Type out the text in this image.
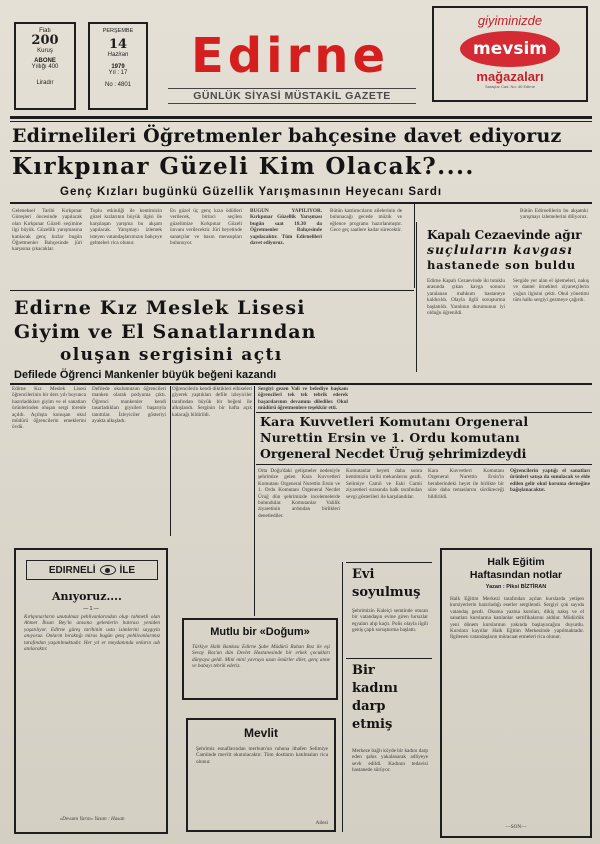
Fiatı
200
Kuruş
ABONE
Yıllığı 400
Liradır
PERŞEMBE
14
Haziran
1979
Yıl : 17
No : 4801
Edirne
GÜNLÜK SİYASİ MÜSTAKİL GAZETE
giyiminizde
mevsim
mağazaları
Saraçlar Cad. No: 40 Edirne
Edirnelileri Öğretmenler bahçesine davet ediyoruz
Kırkpınar Güzeli Kim Olacak?....
Genç Kızları bugünkü Güzellik Yarışmasının Heyecanı Sardı
Geleneksel Tarihi Kırkpınar Güreşleri öncesinde yapılacak olan Kırkpınar Güzeli seçimine ilgi büyük. Güzellik yarışmasına katılacak genç kızlar bugün Öğretmenler Bahçesinde jüri karşısına çıkacaklar.
Toplu etkinliği ile kentimizin güzel kızlarının büyük ilgisi ile karşılaşan yarışma bu akşam yapılacak. Yarışmayı izlemek isteyen vatandaşlarımızın bahçeye gelmeleri rica olunur.
En güzel üç genç kıza ödülleri verilecek, birinci seçilen güzelimize Kırkpınar Güzeli ünvanı verilecektir. Jüri heyetinde sanatçılar ve basın mensupları bulunuyor.
BUGÜN YAPILIYOR. Kırkpınar Güzellik Yarışması bugün saat 18.30 da Öğretmenler Bahçesinde yapılacaktır. Tüm Edirnelileri davet ediyoruz.
Bütün katılımcıların ailelerinin de bulunacağı gecede müzik ve eğlence programı hazırlanmıştır. Gece geç saatlere kadar sürecektir.
Bütün Edirnelilerin bu akşamki yarışmayı izlemelerini diliyoruz.
Kapalı Cezaevinde ağır
suçluların kavgası
hastanede son buldu
Edirne Kapalı Cezaevinde iki tutuklu arasında çıkan kavga sonucu yaralanan mahkum hastaneye kaldırıldı. Olayla ilgili soruşturma başlatıldı. Yaralının durumunun iyi olduğu öğrenildi.
Sergide yer alan el işlemeleri, nakış ve dantel örnekleri ziyaretçilerin yoğun ilgisini çekti. Okul yönetimi tüm halkı sergiyi gezmeye çağırdı.
Edirne Kız Meslek Lisesi
Giyim ve El Sanatlarından
oluşan sergisini açtı
Defilede Öğrenci Mankenler büyük beğeni kazandı
Edirne Kız Meslek Lisesi öğrencilerinin bir ders yılı boyunca hazırladıkları giyim ve el sanatları ürünlerinden oluşan sergi törenle açıldı. Açılışta konuşan okul müdürü öğrencilerin emeklerini övdü.
Defilede okulumuzun öğrencileri manken olarak podyuma çıktı. Öğrenci mankenler kendi tasarladıkları giysileri başarıyla tanıttılar. İzleyiciler gösteriyi ayakta alkışladı.
Öğrencilerin kendi diktikleri elbiseleri giyerek yaptıkları defile izleyiciler tarafından büyük bir beğeni ile alkışlandı. Serginin bir hafta açık kalacağı bildirildi.
Sergiyi gezen Vali ve belediye başkanı öğrencileri tek tek tebrik ederek başarılarının devamını dilediler. Okul müdürü öğretmenlere teşekkür etti.
Kara Kuvvetleri Komutanı Orgeneral
Nurettin Ersin ve 1. Ordu komutanı
Orgeneral Necdet Üruğ şehrimizdeydi
Orta Doğu'daki gelişmeler nedeniyle şehrimize gelen Kara Kuvvetleri Komutanı Orgeneral Nurettin Ersin ve 1. Ordu Komutanı Orgeneral Necdet Üruğ dün şehrimizde incelemelerde bulundular. Komutanlar Valilik ziyaretinin ardından birlikleri denetlediler.
Komutanlar heyeti daha sonra kentimizin tarihi mekanlarını gezdi. Selimiye Camii ve Eski Camii ziyaretleri sırasında halk tarafından sevgi gösterileri ile karşılandılar.
Kara Kuvvetleri Komutanı Orgeneral Nurettin Ersin'in beraberindeki heyet ile birlikte bir süre daha temaslarını sürdüreceği bildirildi.
Öğrencilerin yaptığı el sanatları ürünleri satışa da sunulacak ve elde edilen gelir okul koruma derneğine bağışlanacaktır.
EDIRNELİ İLE
Anıyoruz....
— 1 —
Kırkpınarların unutulmaz pehlivanlarından olup rahmetli olan Ahmet İhsan Bey'in anısına gelenlerin hatırası yeniden yaşatılıyor. Edirne güreş tarihinin usta isimlerini saygıyla anıyoruz. Onların bıraktığı miras bugün genç pehlivanlarımız tarafından yaşatılmaktadır. Her yıl er meydanında onların adı anılacaktır.
«Devamı Yarın» Yazan : Hasan
Mutlu bir «Doğum»
Türkiye Halk Bankası Edirne Şube Müdürü Ruhan Boz ile eşi Sevay Boz'un dün Devlet Hastanesinde bir erkek çocukları dünyaya geldi. Mini mini yavruya uzun ömürler diler, genç anne ve babayı tebrik ederiz.
Mevlit
Şehrimiz esnaflarından merhum'un ruhuna ithafen Selimiye Camiinde mevlit okutulacaktır. Tüm dostların katılmaları rica olunur.
Ailesi
Evi soyulmuş
Şehrimizin Kaleiçi semtinde oturan bir vatandaşın evine giren hırsızlar eşyaları alıp kaçtı. Polis olayla ilgili geniş çaplı soruşturma başlattı.
Bir kadını darp etmiş
Merkeze bağlı köyde bir kadını darp eden şahıs yakalanarak adliyeye sevk edildi. Kadının tedavisi hastanede sürüyor.
Halk Eğitim
Haftasından notlar
Yazan : Piksi BİZTİRAN
Halk Eğitim Merkezi tarafından açılan kurslarda yetişen kursiyerlerin hazırladığı eserler sergilendi. Sergiyi çok sayıda vatandaş gezdi. Okuma yazma kursları, dikiş nakış ve el sanatları kurslarına katılanlar sertifikalarını aldılar. Müdürlük yeni dönem kurslarının yakında başlayacağını duyurdu. Kurslara kayıtlar Halk Eğitim Merkezinde yapılmaktadır. İlgilenen vatandaşların müracaat etmeleri rica olunur.
—SON—
